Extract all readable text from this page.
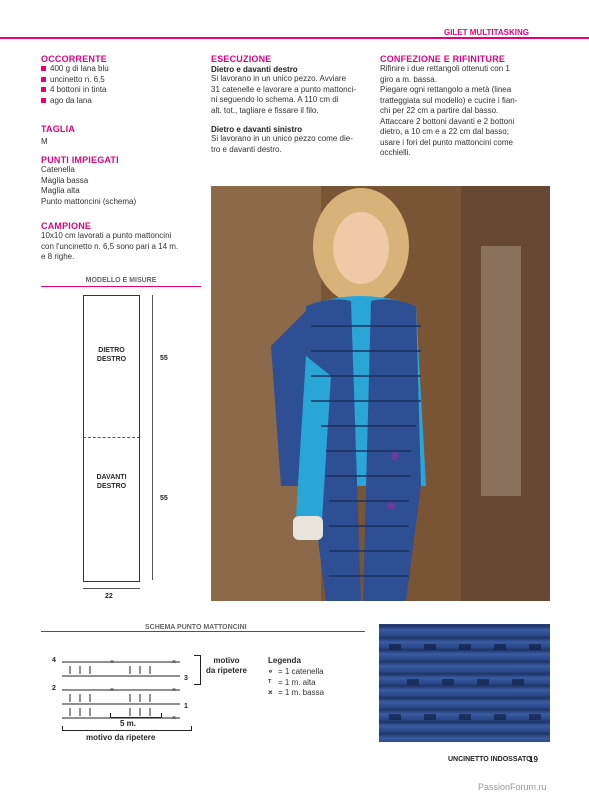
GILET MULTITASKING
OCCORRENTE
400 g di lana blu
uncinetto n. 6,5
4 bottoni in tinta
ago da lana
TAGLIA
M
PUNTI IMPIEGATI
Catenella
Maglia bassa
Maglia alta
Punto mattoncini (schema)
CAMPIONE
10x10 cm lavorati a punto mattoncini
con l'uncinetto n. 6,5 sono pari a 14 m.
e 8 righe.
ESECUZIONE
Dietro e davanti destro
Si lavorano in un unico pezzo. Avviare
31 catenelle e lavorare a punto mattonci-
ni seguendo lo schema. A 110 cm di
alt. tot., tagliare e fissare il filo.
Dietro e davanti sinistro
Si lavorano in un unico pezzo come die-
tro e davanti destro.
CONFEZIONE E RIFINITURE
Rifinire i due rettangoli ottenuti con 1
giro a m. bassa.
Piegare ogni rettangolo a metà (linea
tratteggiata sul modello) e cucire i fian-
chi per 22 cm a partire dal basso.
Attaccare 2 bottoni davanti e 2 bottoni
dietro, a 10 cm e a 22 cm dal basso;
usare i fori del punto mattoncini come
occhielli.
MODELLO E MISURE
DIETRO
DESTRO
DAVANTI
DESTRO
55
55
22
SCHEMA PUNTO MATTONCINI
×
×
×
×
×
4
2
3
1
motivo
da ripetere
5 m.
motivo da ripetere
Legenda
∘ = 1 catenella
ᵀ = 1 m. alta
× = 1 m. bassa
UNCINETTO INDOSSATO
19
PassionForum.ru
